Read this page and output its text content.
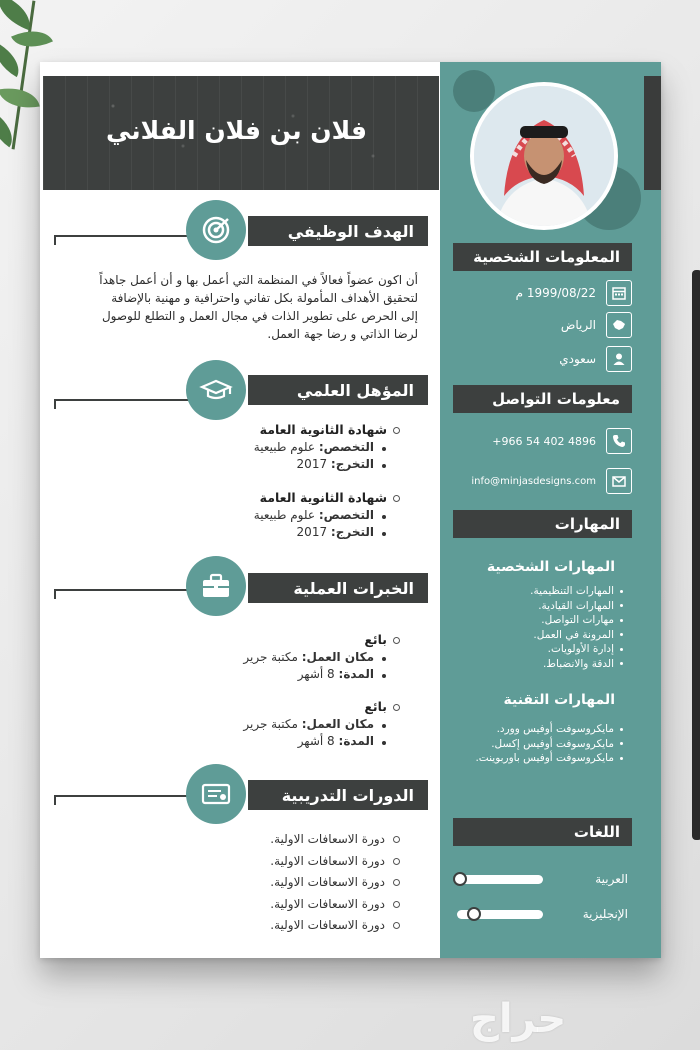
فلان بن فلان الفلاني
الهدف الوظيفي
أن اكون عضواً فعالاً في المنظمة التي أعمل بها و أن أعمل جاهداً
لتحقيق الأهداف المأمولة بكل تفاني واحترافية و مهنية بالإضافة
إلى الحرص على تطوير الذات في مجال العمل و التطلع للوصول
لرضا الذاتي و رضا جهة العمل.
المؤهل العلمي
شهادة الثانوية العامة
التخصص: علوم طبيعية
التخرج: 2017
شهادة الثانوية العامة
التخصص: علوم طبيعية
التخرج: 2017
الخبرات العملية
بائع
مكان العمل: مكتبة جرير
المدة: 8 أشهر
بائع
مكان العمل: مكتبة جرير
المدة: 8 أشهر
الدورات التدريبية
دورة الاسعافات الاولية.
دورة الاسعافات الاولية.
دورة الاسعافات الاولية.
دورة الاسعافات الاولية.
دورة الاسعافات الاولية.
المعلومات الشخصية
1999/08/22 م
الرياض
سعودي
معلومات التواصل
+966 54 402 4896
info@minjasdesigns.com
المهارات
المهارات الشخصية
المهارات التنظيمية.
المهارات القيادية.
مهارات التواصل.
المرونة في العمل.
إدارة الأولويات.
الدقة والانضباط.
المهارات التقنية
مايكروسوفت أوفيس وورد.
مايكروسوفت أوفيس إكسل.
مايكروسوفت أوفيس باوربوينت.
اللغات
العربية
الإنجليزية
حراج
